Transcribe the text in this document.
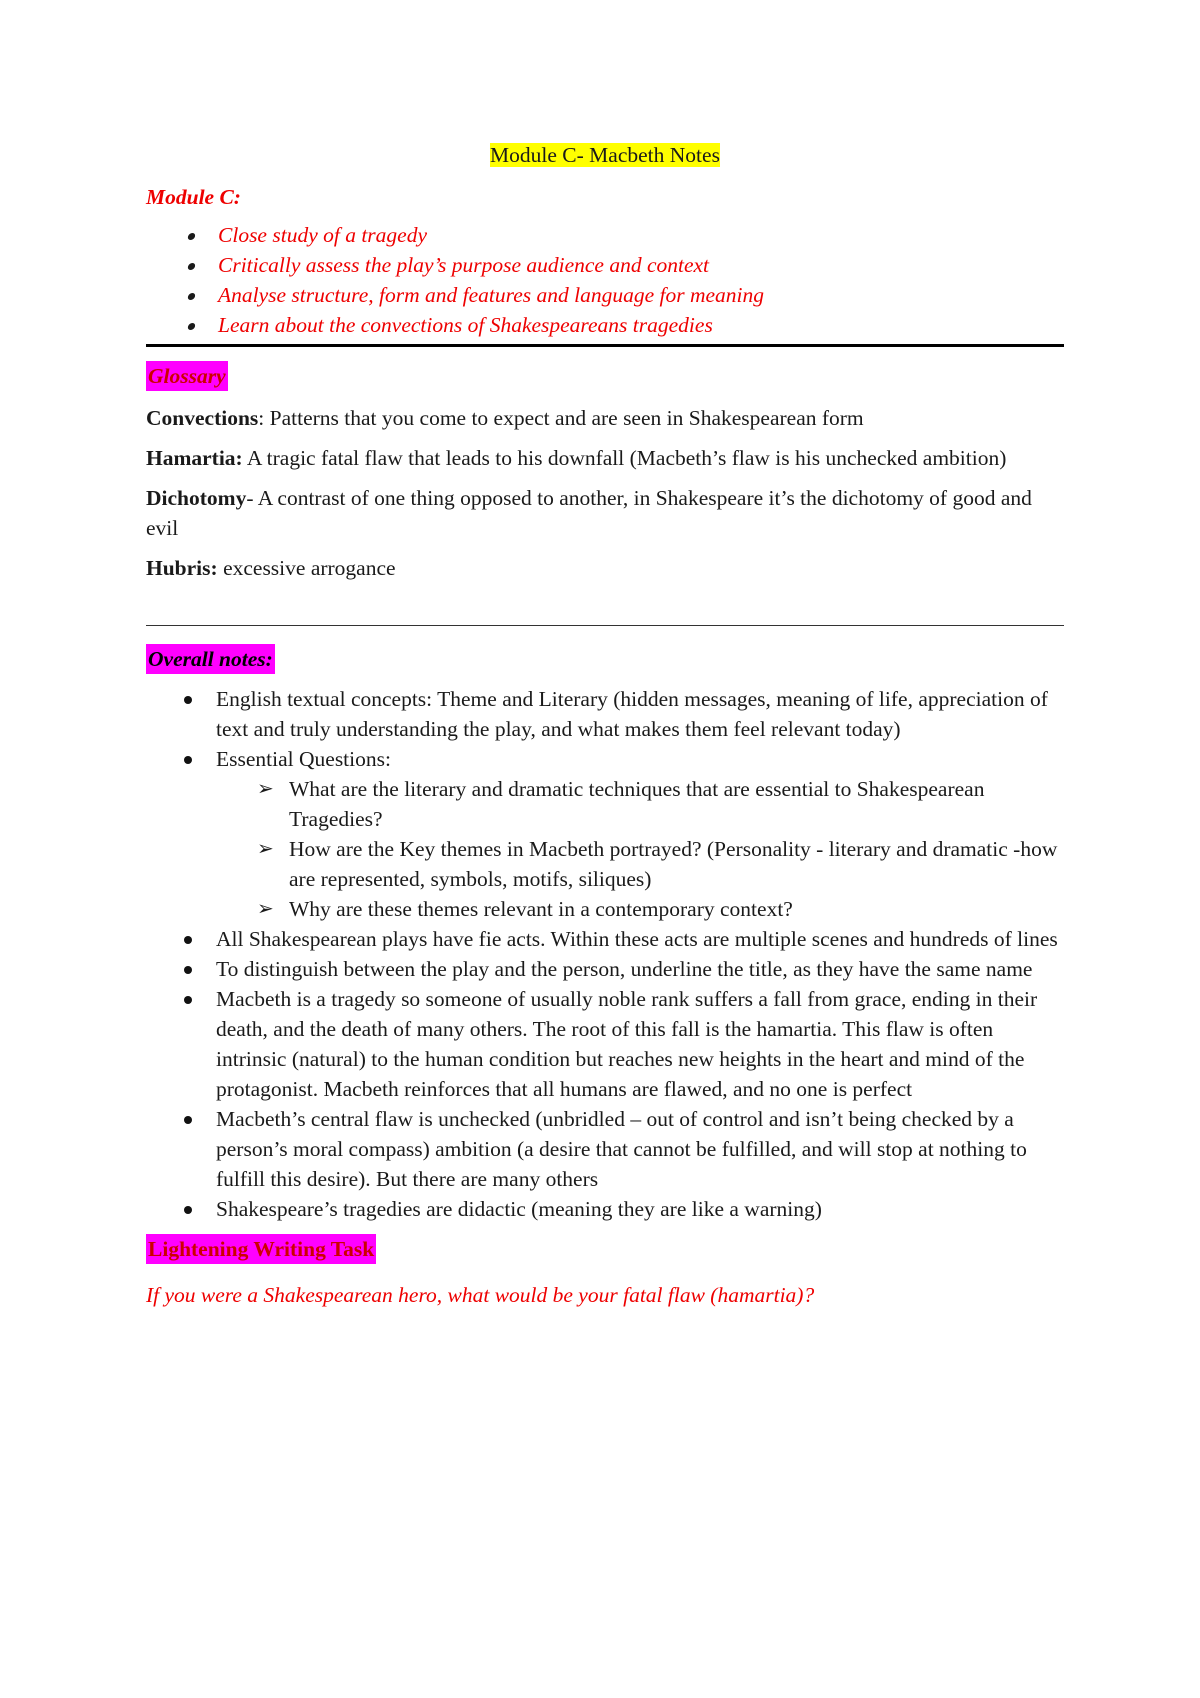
Module C- Macbeth Notes
Module C:
Close study of a tragedy
Critically assess the play’s purpose audience and context
Analyse structure, form and features and language for meaning
Learn about the convections of Shakespeareans tragedies
Glossary

Convections: Patterns that you come to expect and are seen in Shakespearean form

Hamartia: A tragic fatal flaw that leads to his downfall (Macbeth’s flaw is his unchecked ambition)

Dichotomy- A contrast of one thing opposed to another, in Shakespeare it’s the dichotomy of good and evil

Hubris: excessive arrogance

Overall notes:
English textual concepts: Theme and Literary (hidden messages, meaning of life, appreciation of text and truly understanding the play, and what makes them feel relevant today)
Essential Questions:
➢ What are the literary and dramatic techniques that are essential to Shakespearean Tragedies?
➢ How are the Key themes in Macbeth portrayed? (Personality - literary and dramatic -how are represented, symbols, motifs, siliques)
➢ Why are these themes relevant in a contemporary context?
All Shakespearean plays have fie acts. Within these acts are multiple scenes and hundreds of lines
To distinguish between the play and the person, underline the title, as they have the same name
Macbeth is a tragedy so someone of usually noble rank suffers a fall from grace, ending in their death, and the death of many others. The root of this fall is the hamartia. This flaw is often intrinsic (natural) to the human condition but reaches new heights in the heart and mind of the protagonist. Macbeth reinforces that all humans are flawed, and no one is perfect
Macbeth’s central flaw is unchecked (unbridled – out of control and isn’t being checked by a person’s moral compass) ambition (a desire that cannot be fulfilled, and will stop at nothing to fulfill this desire). But there are many others
Shakespeare’s tragedies are didactic (meaning they are like a warning)
Lightening Writing Task
If you were a Shakespearean hero, what would be your fatal flaw (hamartia)?
